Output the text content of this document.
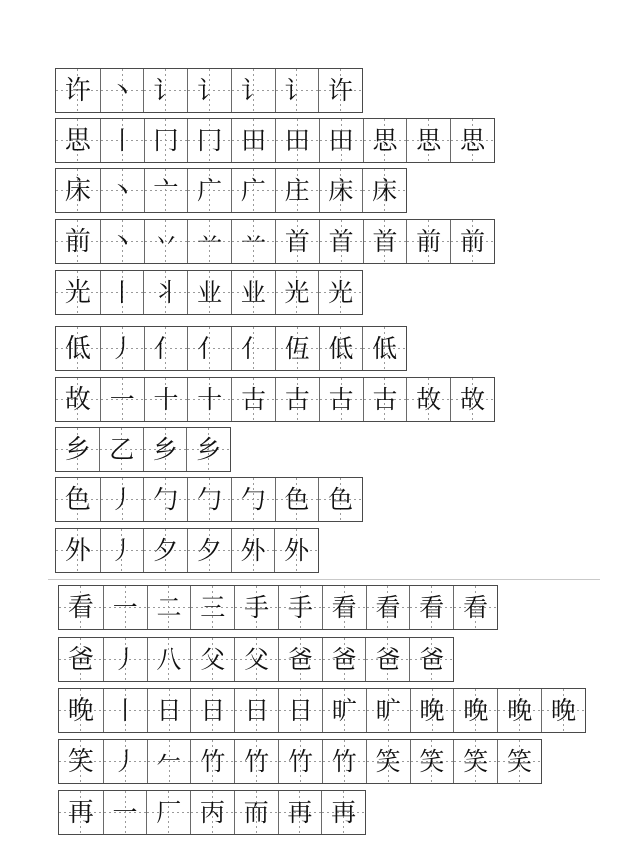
许 丶 讠 讠 讠 讠 许
思 丨 冂 冂 田 田 田 思 思 思
床 丶 亠 广 广 庄 床 床
前 丶 丷 䒑 䒑 首 首 首 前 前
光 丨 丬 业 业 光 光
低 丿 亻 亻 亻 仾 低 低
故 一 十 十 古 古 古 古 故 故
乡 乙 乡 乡
色 丿 勹 勹 勹 色 色
外 丿 夕 夕 外 外
看 一 二 三 手 手 看 看 看 看
爸 丿 八 父 父 爸 爸 爸 爸
晚 丨 日 日 日 日 旷 旷 晚 晚 晚 晚
笑 丿 𠂉 竹 竹 竹 竹 笑 笑 笑 笑
再 一 厂 丙 而 再 再
